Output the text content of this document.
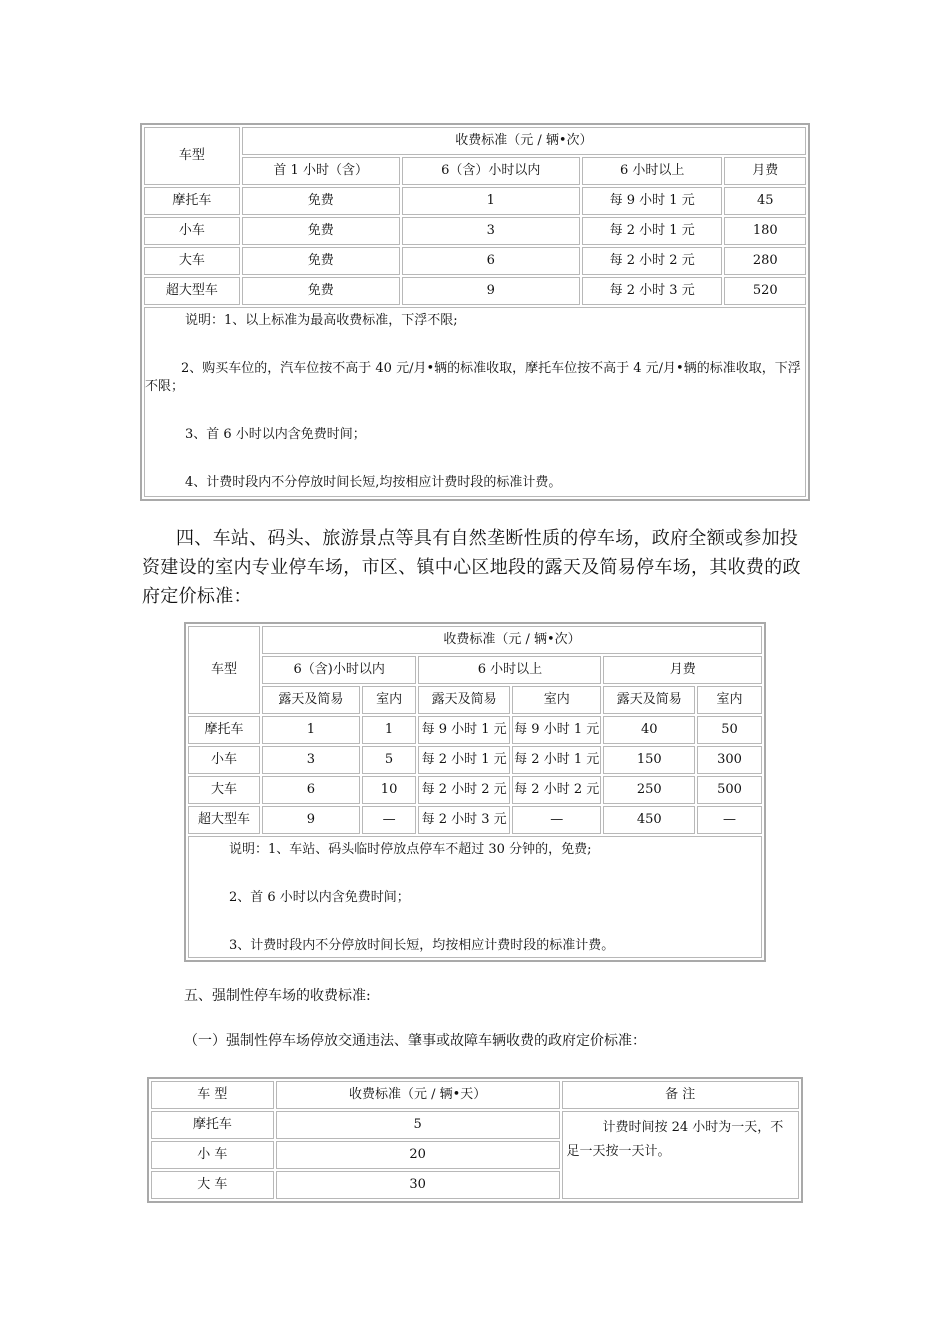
车型	收费标准（元 / 辆•次）			
	首 1 小时（含）	6（含）小时以内	6 小时以上	月费
摩托车	免费	1	每 9 小时 1 元	45
小车	免费	3	每 2 小时 1 元	180
大车	免费	6	每 2 小时 2 元	280
超大型车	免费	9	每 2 小时 3 元	520

说明：1、以上标准为最高收费标准，下浮不限;
2、购买车位的，汽车位按不高于 40 元/月•辆的标准收取，摩托车位按不高于 4 元/月•辆的标准收取，下浮不限；
3、首 6 小时以内含免费时间；
4、计费时段内不分停放时间长短,均按相应计费时段的标准计费。				
四、车站、码头、旅游景点等具有自然垄断性质的停车场，政府全额或参加投资建设的室内专业停车场，市区、镇中心区地段的露天及简易停车场，其收费的政府定价标准：
车型	收费标准（元 / 辆•次）					
	6（含)小时以内		6 小时以上		月费	
	露天及简易	室内	露天及简易	室内	露天及简易	室内
摩托车	1	1	每 9 小时 1 元	每 9 小时 1 元	40	50
小车	3	5	每 2 小时 1 元	每 2 小时 1 元	150	300
大车	6	10	每 2 小时 2 元	每 2 小时 2 元	250	500
超大型车	9	—	每 2 小时 3 元	—	450	—

说明：1、车站、码头临时停放点停车不超过 30 分钟的，免费;
2、首 6 小时以内含免费时间；
3、计费时段内不分停放时间长短，均按相应计费时段的标准计费。						
五、强制性停车场的收费标准:
（一）强制性停车场停放交通违法、肇事或故障车辆收费的政府定价标准：
车 型	收费标准（元 / 辆•天）	备 注
摩托车	5	计费时间按 24 小时为一天，不足一天按一天计。

小 车	20	
大 车	30	
